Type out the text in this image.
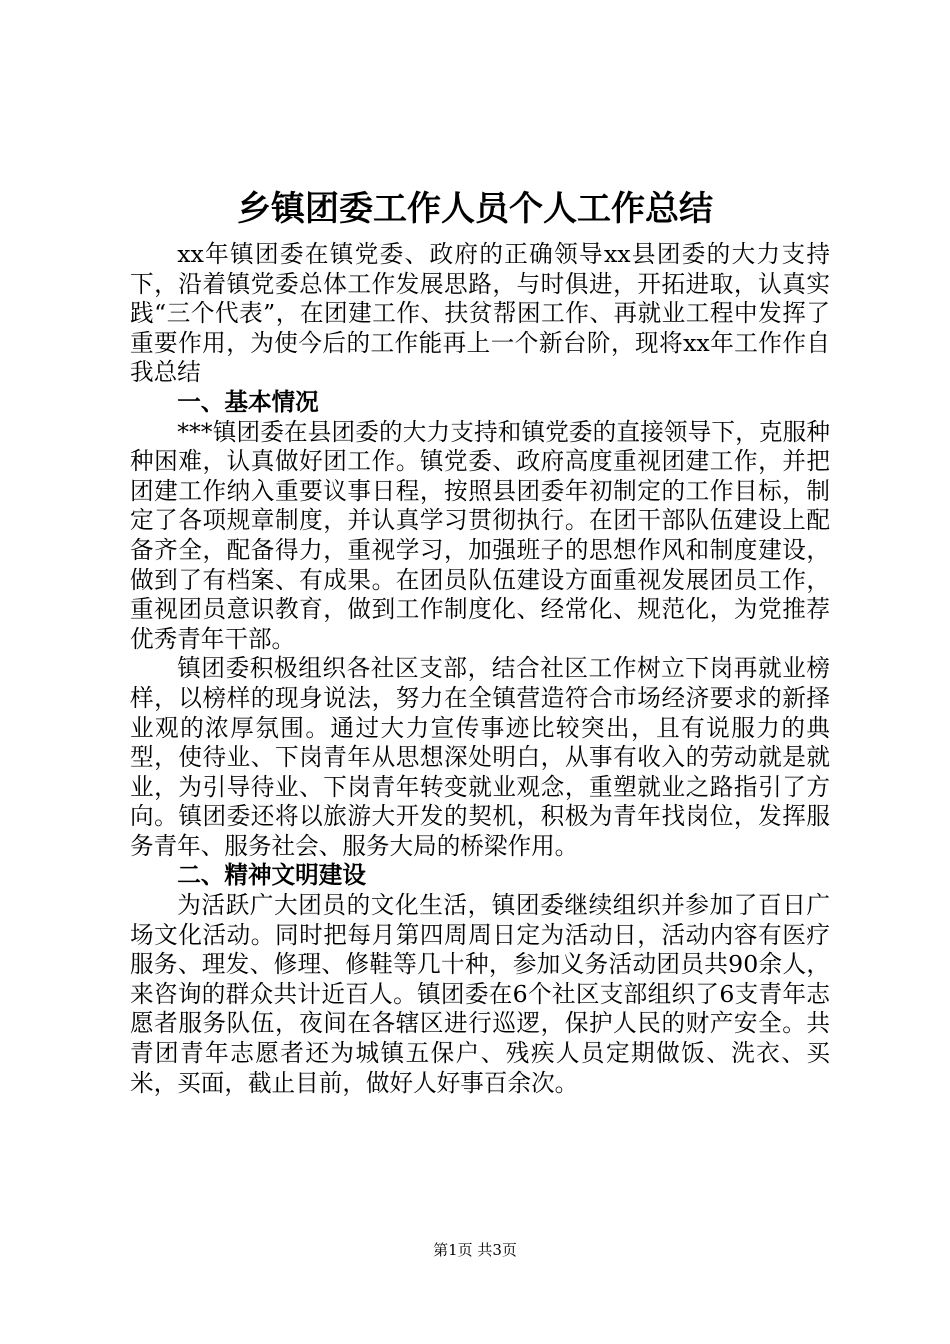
乡镇团委工作人员个人工作总结

xx年镇团委在镇党委、政府的正确领导xx县团委的大力支持下，沿着镇党委总体工作发展思路，与时俱进，开拓进取，认真实践“三个代表”，在团建工作、扶贫帮困工作、再就业工程中发挥了重要作用，为使今后的工作能再上一个新台阶，现将xx年工作作自我总结

一、基本情况

***镇团委在县团委的大力支持和镇党委的直接领导下，克服种种困难，认真做好团工作。镇党委、政府高度重视团建工作，并把团建工作纳入重要议事日程，按照县团委年初制定的工作目标，制定了各项规章制度，并认真学习贯彻执行。在团干部队伍建设上配备齐全，配备得力，重视学习，加强班子的思想作风和制度建设，做到了有档案、有成果。在团员队伍建设方面重视发展团员工作，重视团员意识教育，做到工作制度化、经常化、规范化，为党推荐优秀青年干部。

镇团委积极组织各社区支部，结合社区工作树立下岗再就业榜样，以榜样的现身说法，努力在全镇营造符合市场经济要求的新择业观的浓厚氛围。通过大力宣传事迹比较突出，且有说服力的典型，使待业、下岗青年从思想深处明白，从事有收入的劳动就是就业，为引导待业、下岗青年转变就业观念，重塑就业之路指引了方向。镇团委还将以旅游大开发的契机，积极为青年找岗位，发挥服务青年、服务社会、服务大局的桥梁作用。

二、精神文明建设

为活跃广大团员的文化生活，镇团委继续组织并参加了百日广场文化活动。同时把每月第四周周日定为活动日，活动内容有医疗服务、理发、修理、修鞋等几十种，参加义务活动团员共90余人，来咨询的群众共计近百人。镇团委在6个社区支部组织了6支青年志愿者服务队伍，夜间在各辖区进行巡逻，保护人民的财产安全。共青团青年志愿者还为城镇五保户、残疾人员定期做饭、洗衣、买米，买面，截止目前，做好人好事百余次。

第1页 共3页
